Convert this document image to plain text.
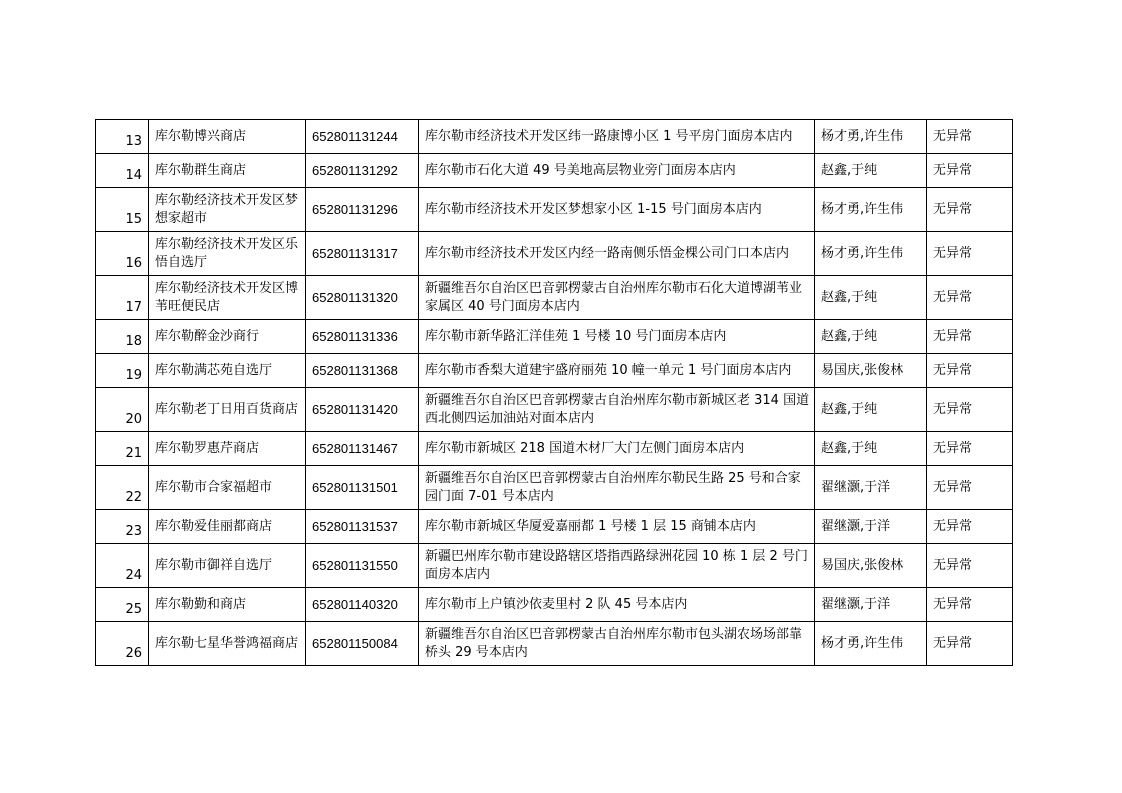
13	库尔勒博兴商店	652801131244	库尔勒市经济技术开发区纬一路康博小区 1 号平房门面房本店内	杨才勇,许生伟	无异常
14	库尔勒群生商店	652801131292	库尔勒市石化大道 49 号美地高层物业旁门面房本店内	赵鑫,于纯	无异常
15	库尔勒经济技术开发区梦想家超市	652801131296	库尔勒市经济技术开发区梦想家小区 1-15 号门面房本店内	杨才勇,许生伟	无异常
16	库尔勒经济技术开发区乐悟自选厅	652801131317	库尔勒市经济技术开发区内经一路南侧乐悟金棵公司门口本店内	杨才勇,许生伟	无异常
17	库尔勒经济技术开发区博苇旺便民店	652801131320	新疆维吾尔自治区巴音郭楞蒙古自治州库尔勒市石化大道博湖苇业家属区 40 号门面房本店内	赵鑫,于纯	无异常
18	库尔勒醉金沙商行	652801131336	库尔勒市新华路汇洋佳苑 1 号楼 10 号门面房本店内	赵鑫,于纯	无异常
19	库尔勒满芯苑自选厅	652801131368	库尔勒市香梨大道建宇盛府丽苑 10 幢一单元 1 号门面房本店内	易国庆,张俊林	无异常
20	库尔勒老丁日用百货商店	652801131420	新疆维吾尔自治区巴音郭楞蒙古自治州库尔勒市新城区老 314 国道西北侧四运加油站对面本店内	赵鑫,于纯	无异常
21	库尔勒罗惠芹商店	652801131467	库尔勒市新城区 218 国道木材厂大门左侧门面房本店内	赵鑫,于纯	无异常
22	库尔勒市合家福超市	652801131501	新疆维吾尔自治区巴音郭楞蒙古自治州库尔勒民生路 25 号和合家园门面 7-01 号本店内	翟继灏,于洋	无异常
23	库尔勒爱佳丽都商店	652801131537	库尔勒市新城区华厦爱嘉丽都 1 号楼 1 层 15 商铺本店内	翟继灏,于洋	无异常
24	库尔勒市御祥自选厅	652801131550	新疆巴州库尔勒市建设路辖区塔指西路绿洲花园 10 栋 1 层 2 号门面房本店内	易国庆,张俊林	无异常
25	库尔勒勤和商店	652801140320	库尔勒市上户镇沙依麦里村 2 队 45 号本店内	翟继灏,于洋	无异常
26	库尔勒七星华誉鸿福商店	652801150084	新疆维吾尔自治区巴音郭楞蒙古自治州库尔勒市包头湖农场场部靠桥头 29 号本店内	杨才勇,许生伟	无异常
